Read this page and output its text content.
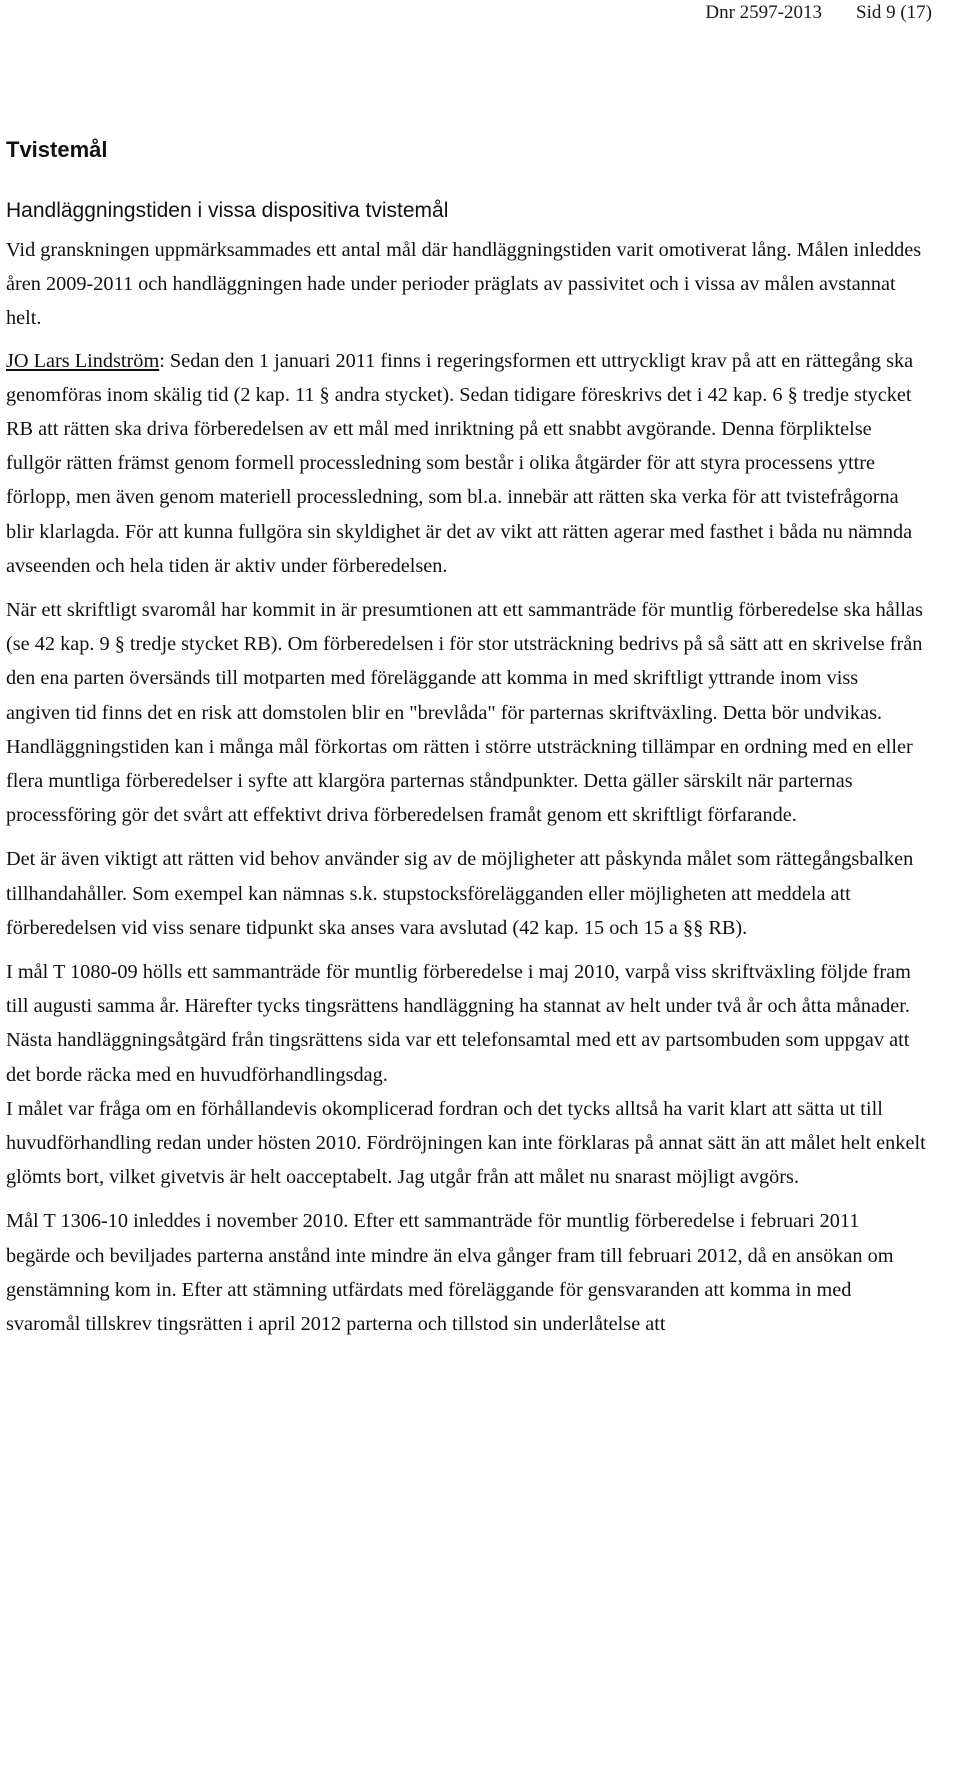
Dnr 2597-2013 Sid 9 (17)
Tvistemål
Handläggningstiden i vissa dispositiva tvistemål

Vid granskningen uppmärksammades ett antal mål där handläggningstiden varit omotiverat lång. Målen inleddes åren 2009-2011 och handläggningen hade under perioder präglats av passivitet och i vissa av målen avstannat helt.

JO Lars Lindström: Sedan den 1 januari 2011 finns i regeringsformen ett uttryckligt krav på att en rättegång ska genomföras inom skälig tid (2 kap. 11 § andra stycket). Sedan tidigare föreskrivs det i 42 kap. 6 § tredje stycket RB att rätten ska driva förberedelsen av ett mål med inriktning på ett snabbt avgörande. Denna förpliktelse fullgör rätten främst genom formell processledning som består i olika åtgärder för att styra processens yttre förlopp, men även genom materiell processledning, som bl.a. innebär att rätten ska verka för att tvistefrågorna blir klarlagda. För att kunna fullgöra sin skyldighet är det av vikt att rätten agerar med fasthet i båda nu nämnda avseenden och hela tiden är aktiv under förberedelsen.

När ett skriftligt svaromål har kommit in är presumtionen att ett sammanträde för muntlig förberedelse ska hållas (se 42 kap. 9 § tredje stycket RB). Om förberedelsen i för stor utsträckning bedrivs på så sätt att en skrivelse från den ena parten översänds till motparten med föreläggande att komma in med skriftligt yttrande inom viss angiven tid finns det en risk att domstolen blir en "brevlåda" för parternas skriftväxling. Detta bör undvikas. Handläggningstiden kan i många mål förkortas om rätten i större utsträckning tillämpar en ordning med en eller flera muntliga förberedelser i syfte att klargöra parternas ståndpunkter. Detta gäller särskilt när parternas processföring gör det svårt att effektivt driva förberedelsen framåt genom ett skriftligt förfarande.

Det är även viktigt att rätten vid behov använder sig av de möjligheter att påskynda målet som rättegångsbalken tillhandahåller. Som exempel kan nämnas s.k. stupstocksförelägganden eller möjligheten att meddela att förberedelsen vid viss senare tidpunkt ska anses vara avslutad (42 kap. 15 och 15 a §§ RB).

I mål T 1080-09 hölls ett sammanträde för muntlig förberedelse i maj 2010, varpå viss skriftväxling följde fram till augusti samma år. Härefter tycks tingsrättens handläggning ha stannat av helt under två år och åtta månader. Nästa handläggningsåtgärd från tingsrättens sida var ett telefonsamtal med ett av partsombuden som uppgav att det borde räcka med en huvudförhandlingsdag.

I målet var fråga om en förhållandevis okomplicerad fordran och det tycks alltså ha varit klart att sätta ut till huvudförhandling redan under hösten 2010. Fördröjningen kan inte förklaras på annat sätt än att målet helt enkelt glömts bort, vilket givetvis är helt oacceptabelt. Jag utgår från att målet nu snarast möjligt avgörs.

Mål T 1306-10 inleddes i november 2010. Efter ett sammanträde för muntlig förberedelse i februari 2011 begärde och beviljades parterna anstånd inte mindre än elva gånger fram till februari 2012, då en ansökan om genstämning kom in. Efter att stämning utfärdats med föreläggande för gensvaranden att komma in med svaromål tillskrev tingsrätten i april 2012 parterna och tillstod sin underlåtelse att
